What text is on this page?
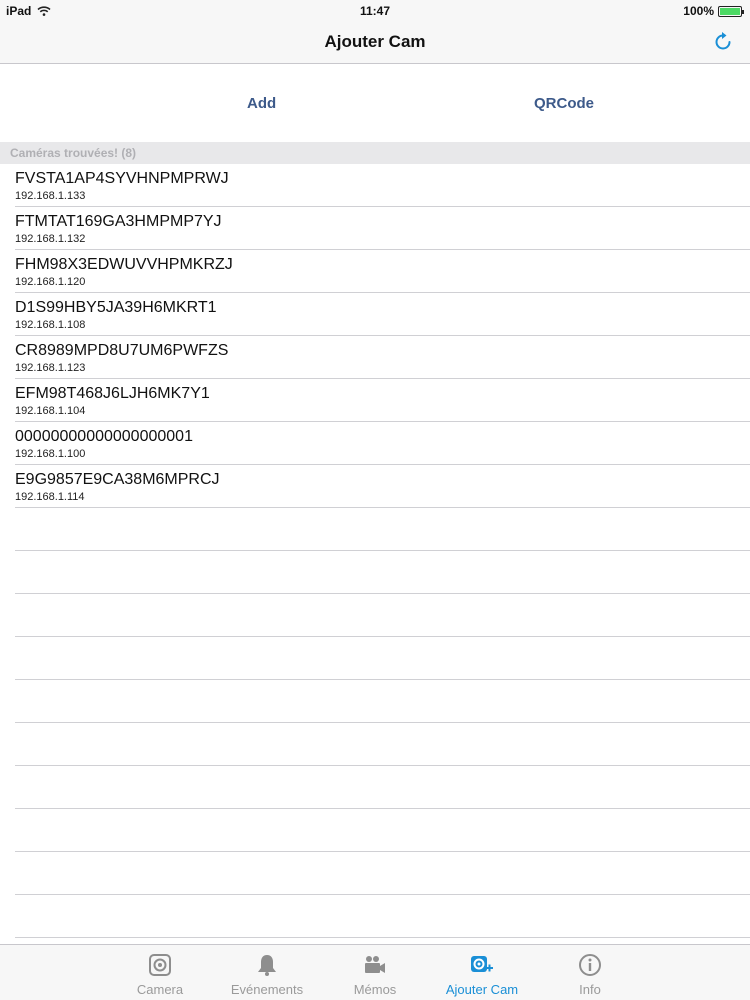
iPad	11:47	100%
Ajouter Cam
Add	QRCode
Caméras trouvées! (8)
FVSTA1AP4SYVHNPMPRWJ
192.168.1.133
FTMTAT169GA3HMPMP7YJ
192.168.1.132
FHM98X3EDWUVVHPMKRZJ
192.168.1.120
D1S99HBY5JA39H6MKRT1
192.168.1.108
CR8989MPD8U7UM6PWFZS
192.168.1.123
EFM98T468J6LJH6MK7Y1
192.168.1.104
00000000000000000001
192.168.1.100
E9G9857E9CA38M6MPRCJ
192.168.1.114
Camera	Evénements	Mémos	Ajouter Cam	Info
